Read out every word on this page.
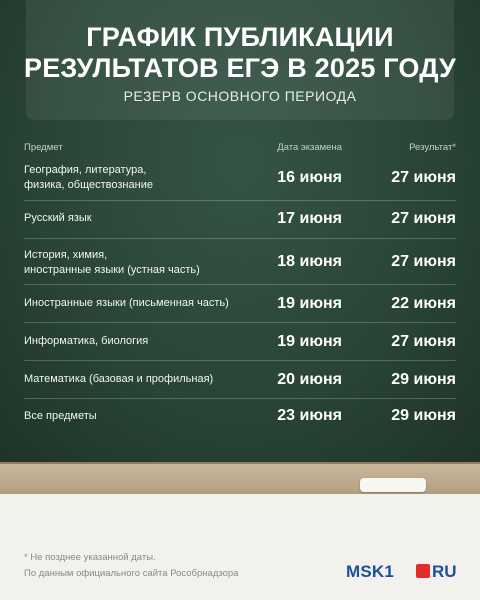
ГРАФИК ПУБЛИКАЦИИ
РЕЗУЛЬТАТОВ ЕГЭ В 2025 ГОДУ
РЕЗЕРВ ОСНОВНОГО ПЕРИОДА
Предмет	Дата экзамена	Результат*
География, литература,
физика, обществознание	16 июня	27 июня
Русский язык	17 июня	27 июня
История, химия,
иностранные языки (устная часть)	18 июня	27 июня
Иностранные языки (письменная часть)	19 июня	22 июня
Информатика, биология	19 июня	27 июня
Математика (базовая и профильная)	20 июня	29 июня
Все предметы	23 июня	29 июня
* Не позднее указанной даты.
По данным официального сайта Рособрнадзора	MSK1 RU
